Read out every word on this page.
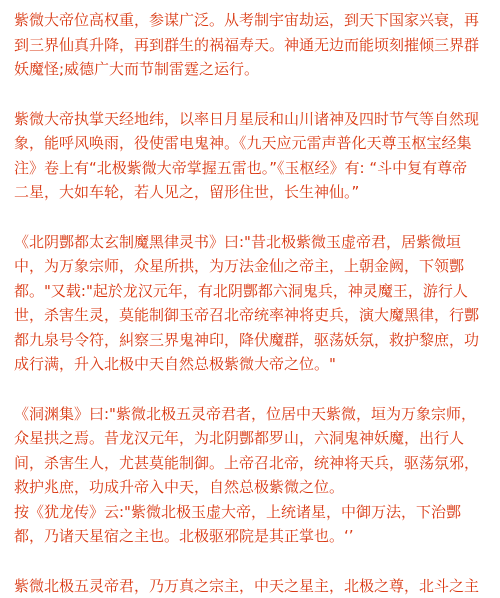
紫微大帝位高权重，参谋广泛。从考制宇宙劫运，到天下国家兴衰，再
到三界仙真升降，再到群生的祸福寿天。神通无边而能顷刻摧倾三界群
妖魔怪;威德广大而节制雷霆之运行。

紫微大帝执掌天经地纬，以率日月星辰和山川诸神及四时节气等自然现
象，能呼风唤雨，役使雷电鬼神。《九天应元雷声普化天尊玉枢宝经集
注》卷上有“北极紫微大帝掌握五雷也。”《玉枢经》有: “斗中复有尊帝
二星，大如车轮，若人见之，留形住世，长生神仙。”

《北阴酆都太玄制魔黑律灵书》曰:"昔北极紫微玉虚帝君，居紫微垣
中，为万象宗师，众星所拱，为万法金仙之帝主，上朝金阙，下领酆
都。"又载:"起於龙汉元年，有北阴酆都六洞鬼兵，神灵魔王，游行人
世，杀害生灵，莫能制御玉帝召北帝统率神将吏兵，演大魔黑律，行酆
都九泉号令符，糾察三界鬼神印，降伏魔群，驱荡妖氛，救护黎庶，功
成行满，升入北极中天自然总极紫微大帝之位。"

《洞渊集》曰:"紫微北极五灵帝君者，位居中天紫微，垣为万象宗师，
众星拱之焉。昔龙汉元年，为北阴酆都罗山，六洞鬼神妖魔，出行人
间，杀害生人，尤甚莫能制御。上帝召北帝，统神将天兵，驱荡氛邪，
救护兆庶，功成升帝入中天，自然总极紫微之位。
按《犹龙传》云:"紫微北极玉虚大帝，上统诸星，中御万法，下治酆
都，乃诸天星宿之主也。北极驱邪院是其正掌也。‘’

紫微北极五灵帝君，乃万真之宗主，中天之星主，北极之尊，北斗之主
